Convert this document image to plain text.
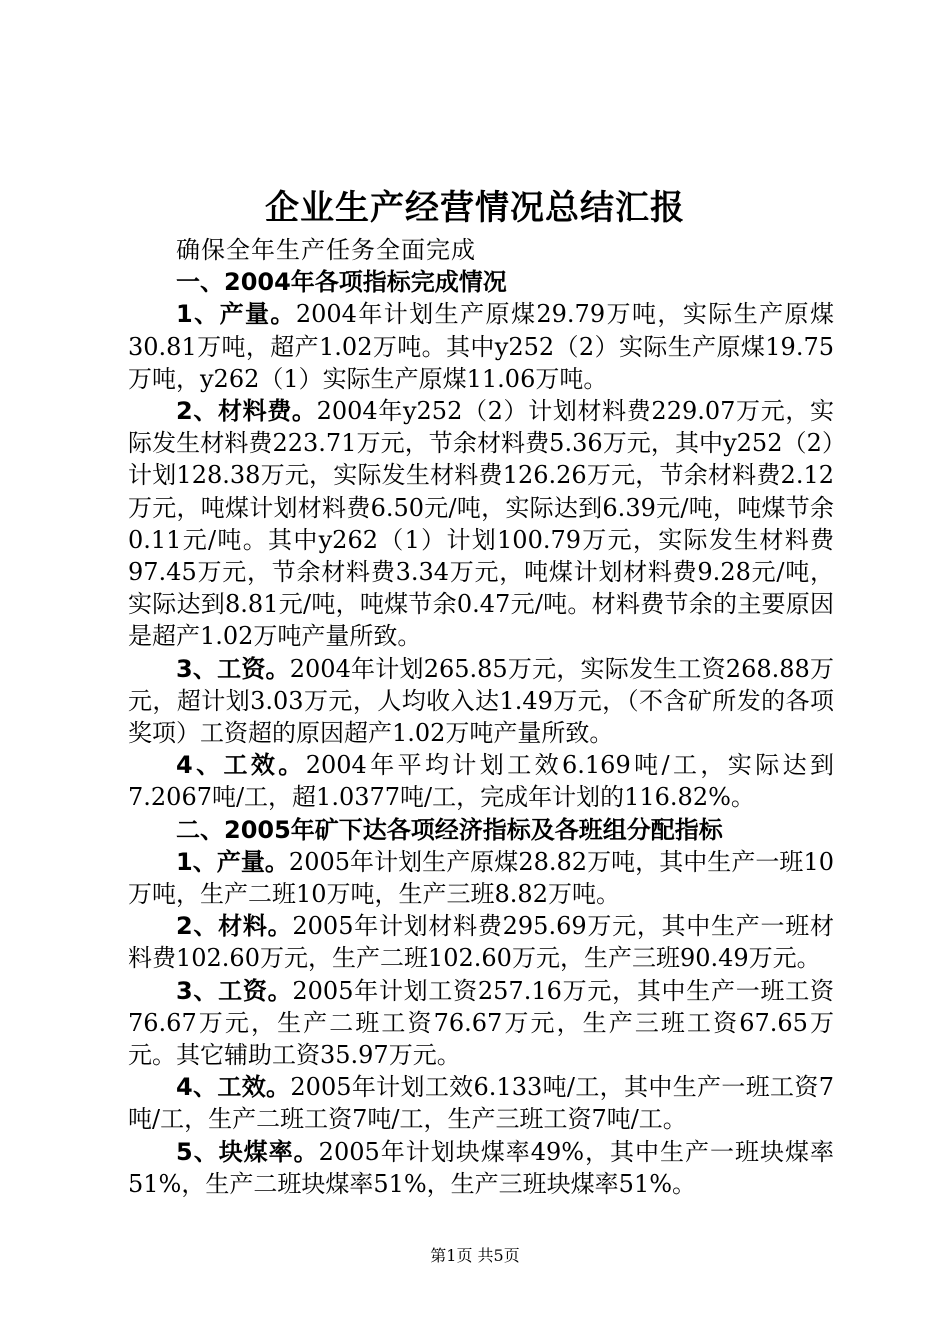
企业生产经营情况总结汇报

确保全年生产任务全面完成

一、2004年各项指标完成情况

1、产量。2004年计划生产原煤29.79万吨，实际生产原煤30.81万吨，超产1.02万吨。其中y252（2）实际生产原煤19.75万吨，y262（1）实际生产原煤11.06万吨。

2、材料费。2004年y252（2）计划材料费229.07万元，实际发生材料费223.71万元，节余材料费5.36万元，其中y252（2）计划128.38万元，实际发生材料费126.26万元，节余材料费2.12万元，吨煤计划材料费6.50元/吨，实际达到6.39元/吨，吨煤节余0.11元/吨。其中y262（1）计划100.79万元，实际发生材料费97.45万元，节余材料费3.34万元，吨煤计划材料费9.28元/吨，实际达到8.81元/吨，吨煤节余0.47元/吨。材料费节余的主要原因是超产1.02万吨产量所致。

3、工资。2004年计划265.85万元，实际发生工资268.88万元，超计划3.03万元，人均收入达1.49万元，（不含矿所发的各项奖项）工资超的原因超产1.02万吨产量所致。

4、工效。2004年平均计划工效6.169吨/工，实际达到7.2067吨/工，超1.0377吨/工，完成年计划的116.82%。

二、2005年矿下达各项经济指标及各班组分配指标

1、产量。2005年计划生产原煤28.82万吨，其中生产一班10万吨，生产二班10万吨，生产三班8.82万吨。

2、材料。2005年计划材料费295.69万元，其中生产一班材料费102.60万元，生产二班102.60万元，生产三班90.49万元。

3、工资。2005年计划工资257.16万元，其中生产一班工资76.67万元，生产二班工资76.67万元，生产三班工资67.65万元。其它辅助工资35.97万元。

4、工效。2005年计划工效6.133吨/工，其中生产一班工资7吨/工，生产二班工资7吨/工，生产三班工资7吨/工。

5、块煤率。2005年计划块煤率49%，其中生产一班块煤率51%，生产二班块煤率51%，生产三班块煤率51%。

第1页 共5页
